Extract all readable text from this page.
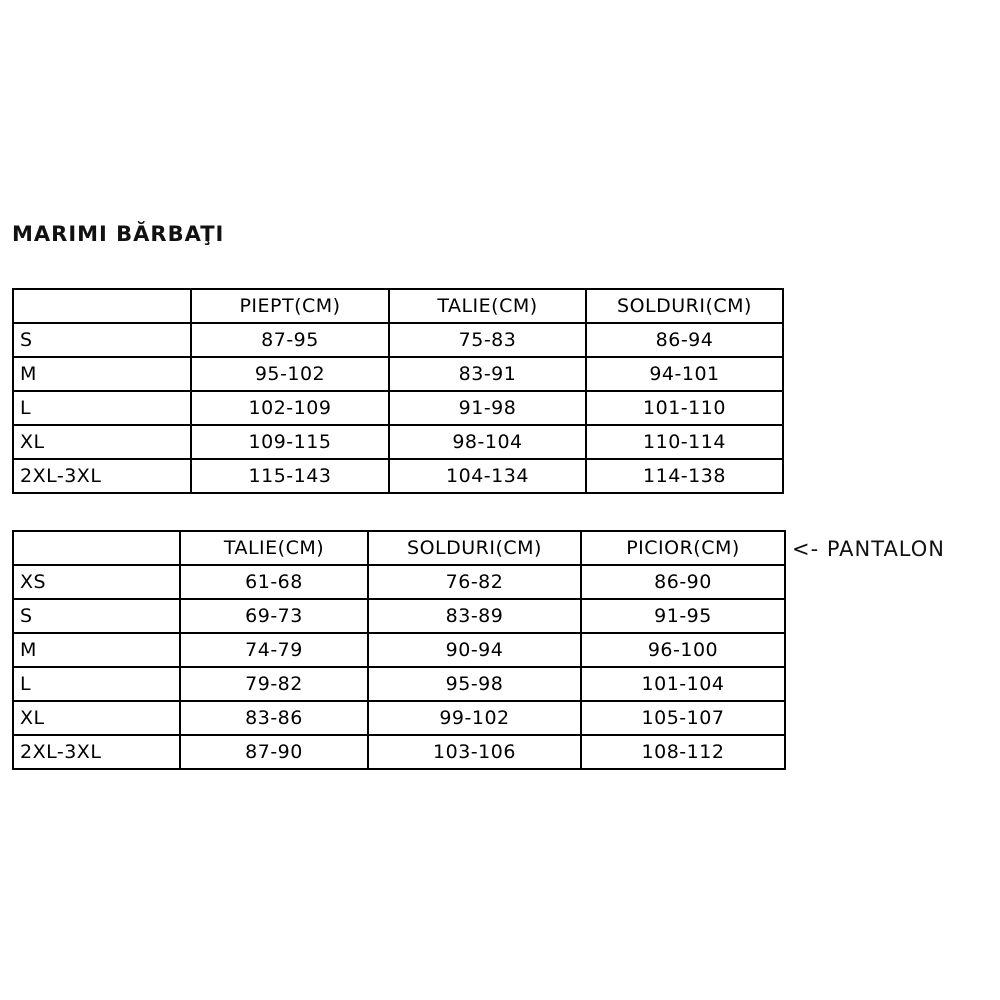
MARIMI BĂRBAŢI
	PIEPT(CM)	TALIE(CM)	SOLDURI(CM)
S	87-95	75-83	86-94
M	95-102	83-91	94-101
L	102-109	91-98	101-110
XL	109-115	98-104	110-114
2XL-3XL	115-143	104-134	114-138
	TALIE(CM)	SOLDURI(CM)	PICIOR(CM)
XS	61-68	76-82	86-90
S	69-73	83-89	91-95
M	74-79	90-94	96-100
L	79-82	95-98	101-104
XL	83-86	99-102	105-107
2XL-3XL	87-90	103-106	108-112
<- PANTALON
